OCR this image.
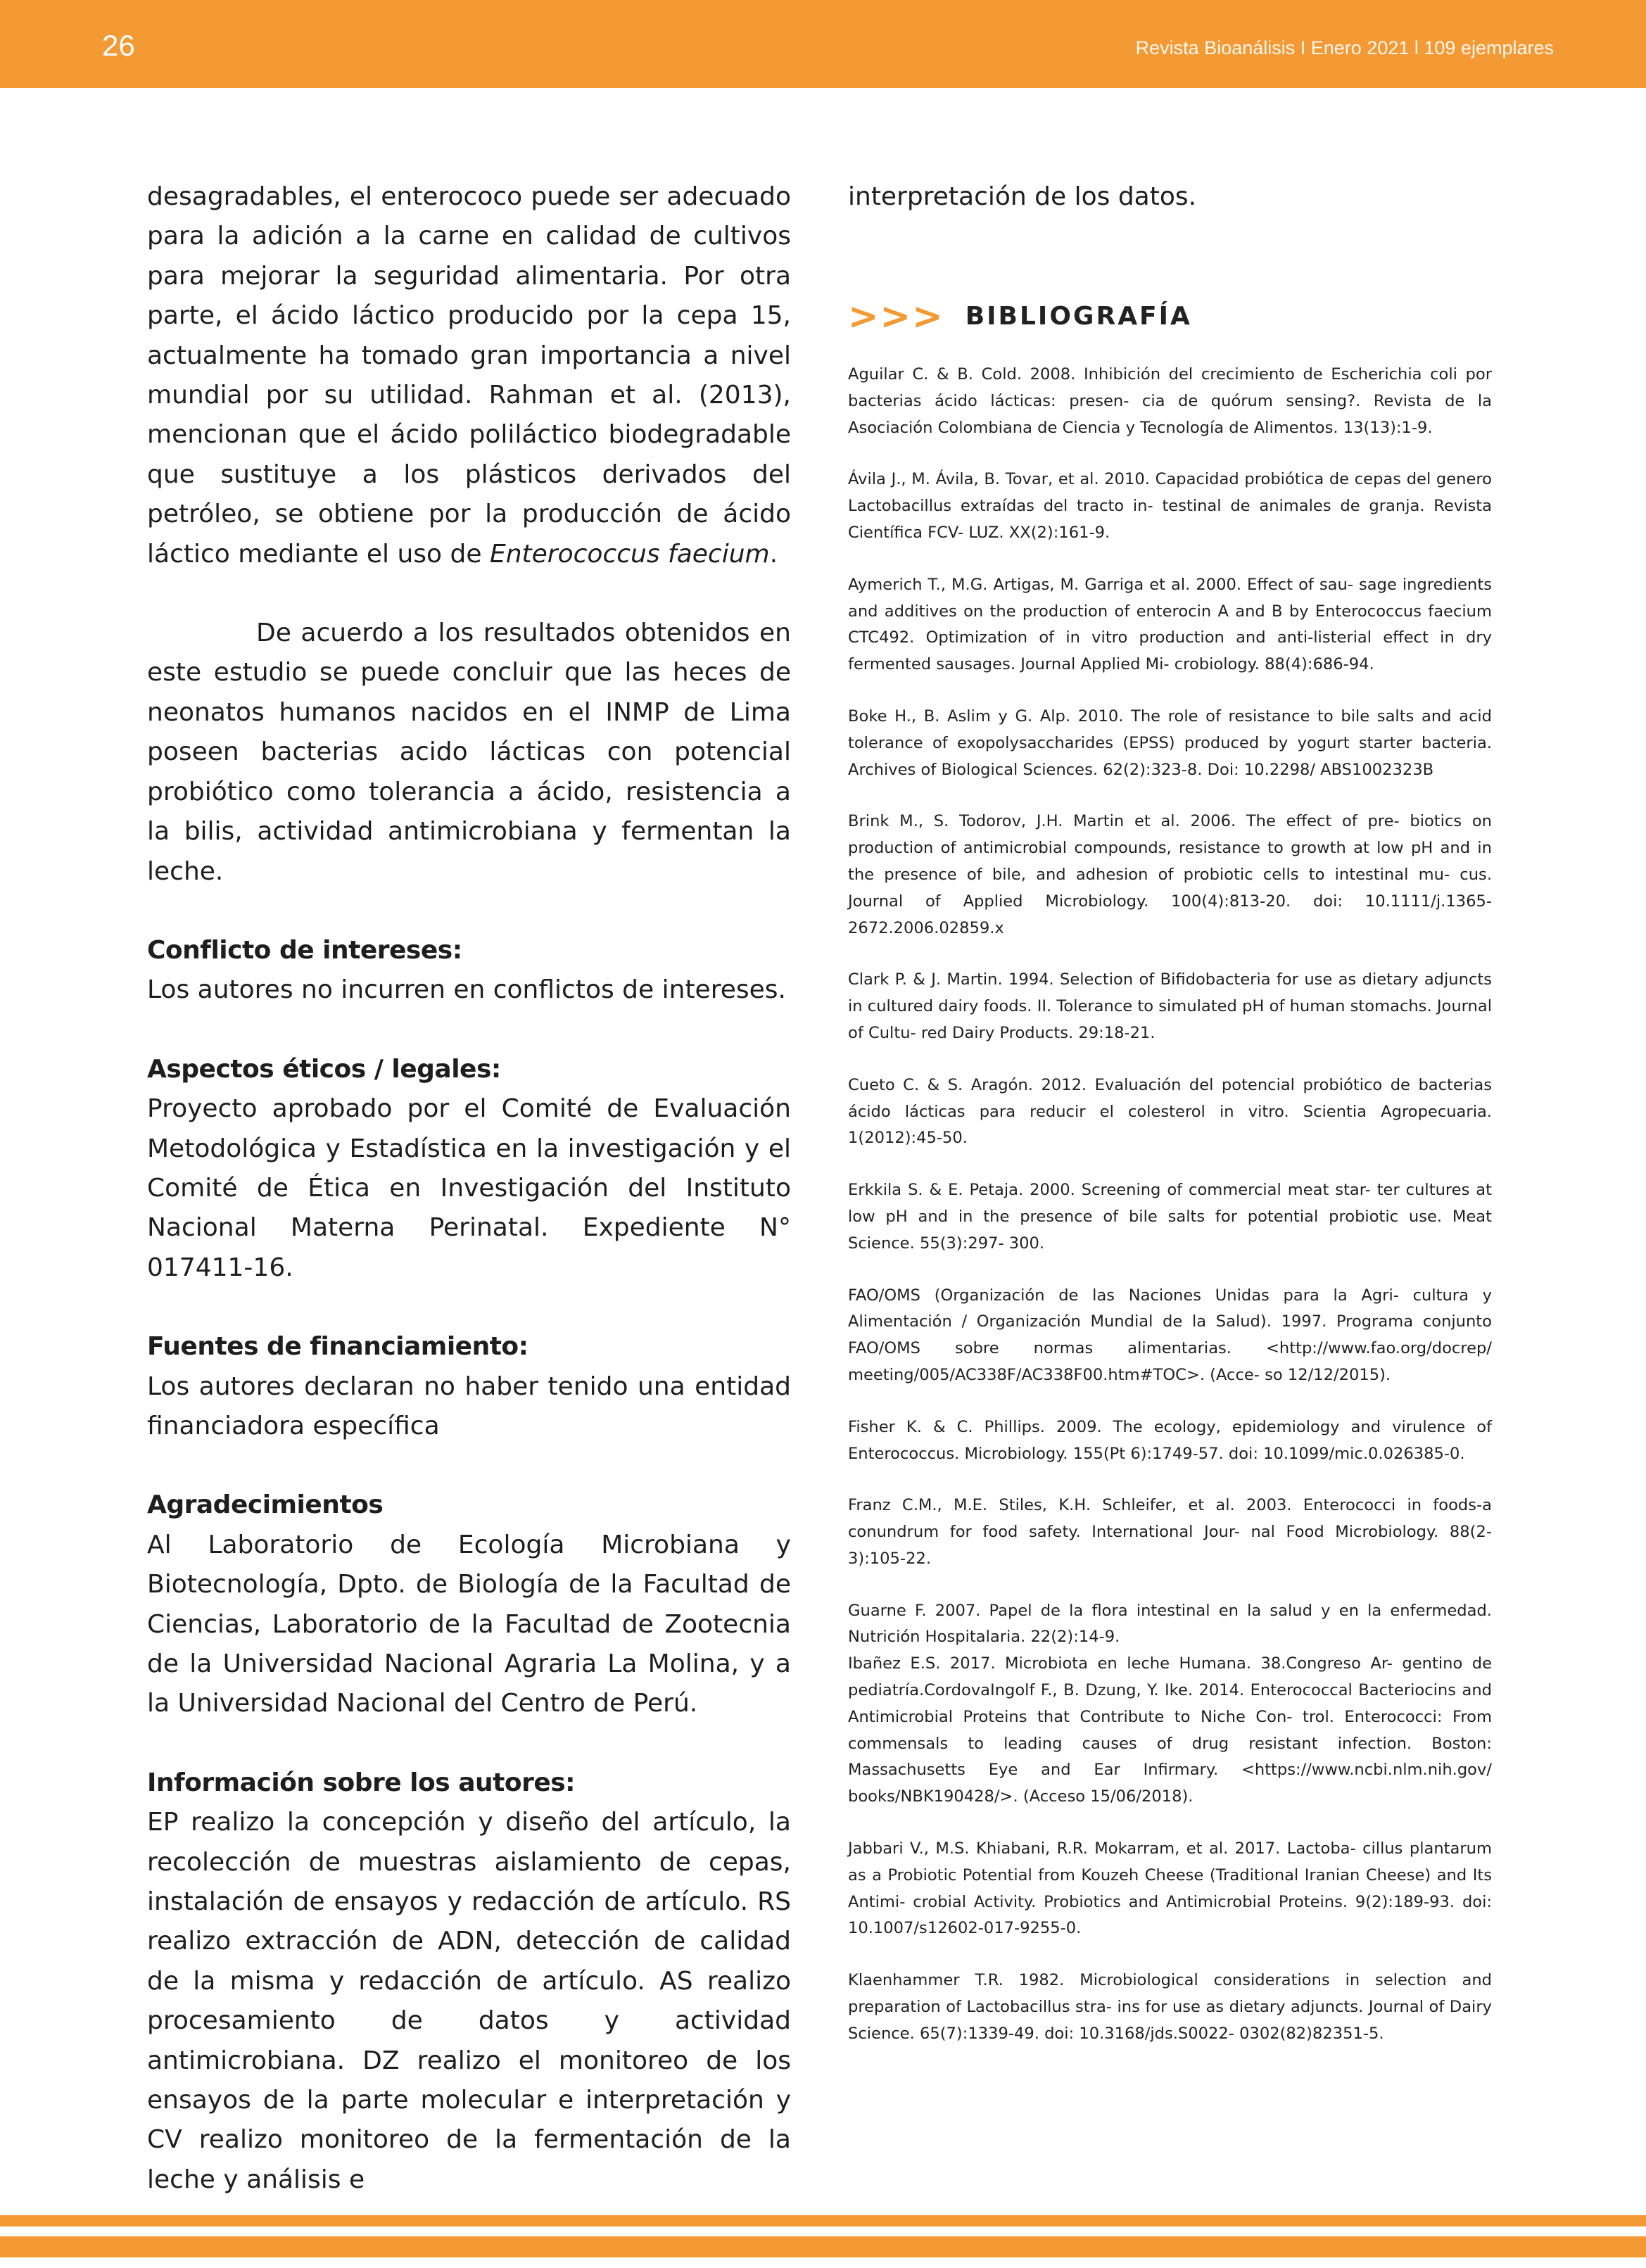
26	Revista Bioanálisis I Enero 2021 l 109 ejemplares

desagradables, el enterococo puede ser adecuado para la adición a la carne en calidad de cultivos para mejorar la seguridad alimentaria. Por otra parte, el ácido láctico producido por la cepa 15, actualmente ha tomado gran importancia a nivel mundial por su utilidad. Rahman et al. (2013), mencionan que el ácido poliláctico biodegradable que sustituye a los plásticos derivados del petróleo, se obtiene por la producción de ácido láctico mediante el uso de Enterococcus faecium.

De acuerdo a los resultados obtenidos en este estudio se puede concluir que las heces de neonatos humanos nacidos en el INMP de Lima poseen bacterias acido lácticas con potencial probiótico como tolerancia a ácido, resistencia a la bilis, actividad antimicrobiana y fermentan la leche.

Conflicto de intereses:

Los autores no incurren en conflictos de intereses.

Aspectos éticos / legales:

Proyecto aprobado por el Comité de Evaluación Metodológica y Estadística en la investigación y el Comité de Ética en Investigación del Instituto Nacional Materna Perinatal. Expediente N° 017411-16.

Fuentes de financiamiento:

Los autores declaran no haber tenido una entidad financiadora específica

Agradecimientos

Al Laboratorio de Ecología Microbiana y Biotecnología, Dpto. de Biología de la Facultad de Ciencias, Laboratorio de la Facultad de Zootecnia de la Universidad Nacional Agraria La Molina, y a la Universidad Nacional del Centro de Perú.

Información sobre los autores:

EP realizo la concepción y diseño del artículo, la recolección de muestras aislamiento de cepas, instalación de ensayos y redacción de artículo. RS realizo extracción de ADN, detección de calidad de la misma y redacción de artículo. AS realizo procesamiento de datos y actividad antimicrobiana. DZ realizo el monitoreo de los ensayos de la parte molecular e interpretación y CV realizo monitoreo de la fermentación de la leche y análisis e

interpretación de los datos.

>>> BIBLIOGRAFÍA

Aguilar C. & B. Cold. 2008. Inhibición del crecimiento de Escherichia coli por bacterias ácido lácticas: presen- cia de quórum sensing?. Revista de la Asociación Colombiana de Ciencia y Tecnología de Alimentos. 13(13):1-9.

Ávila J., M. Ávila, B. Tovar, et al. 2010. Capacidad probiótica de cepas del genero Lactobacillus extraídas del tracto in- testinal de animales de granja. Revista Científica FCV- LUZ. XX(2):161-9.

Aymerich T., M.G. Artigas, M. Garriga et al. 2000. Effect of sau- sage ingredients and additives on the production of enterocin A and B by Enterococcus faecium CTC492. Optimization of in vitro production and anti-listerial effect in dry fermented sausages. Journal Applied Mi- crobiology. 88(4):686-94.

Boke H., B. Aslim y G. Alp. 2010. The role of resistance to bile salts and acid tolerance of exopolysaccharides (EPSS) produced by yogurt starter bacteria. Archives of Biological Sciences. 62(2):323-8. Doi: 10.2298/ ABS1002323B

Brink M., S. Todorov, J.H. Martin et al. 2006. The effect of pre- biotics on production of antimicrobial compounds, resistance to growth at low pH and in the presence of bile, and adhesion of probiotic cells to intestinal mu- cus. Journal of Applied Microbiology. 100(4):813-20. doi: 10.1111/j.1365-2672.2006.02859.x

Clark P. & J. Martin. 1994. Selection of Bifidobacteria for use as dietary adjuncts in cultured dairy foods. II. Tolerance to simulated pH of human stomachs. Journal of Cultu- red Dairy Products. 29:18-21.

Cueto C. & S. Aragón. 2012. Evaluación del potencial probiótico de bacterias ácido lácticas para reducir el colesterol in vitro. Scientia Agropecuaria. 1(2012):45-50.

Erkkila S. & E. Petaja. 2000. Screening of commercial meat star- ter cultures at low pH and in the presence of bile salts for potential probiotic use. Meat Science. 55(3):297- 300.

FAO/OMS (Organización de las Naciones Unidas para la Agri- cultura y Alimentación / Organización Mundial de la Salud). 1997. Programa conjunto FAO/OMS sobre normas alimentarias. <http://www.fao.org/docrep/ meeting/005/AC338F/AC338F00.htm#TOC>. (Acce- so 12/12/2015).

Fisher K. & C. Phillips. 2009. The ecology, epidemiology and virulence of Enterococcus. Microbiology. 155(Pt 6):1749-57. doi: 10.1099/mic.0.026385-0.

Franz C.M., M.E. Stiles, K.H. Schleifer, et al. 2003. Enterococci in foods-a conundrum for food safety. International Jour- nal Food Microbiology. 88(2-3):105-22.

Guarne F. 2007. Papel de la flora intestinal en la salud y en la enfermedad. Nutrición Hospitalaria. 22(2):14-9.

Ibañez E.S. 2017. Microbiota en leche Humana. 38.Congreso Ar- gentino de pediatría.CordovaIngolf F., B. Dzung, Y. Ike. 2014. Enterococcal Bacteriocins and Antimicrobial Proteins that Contribute to Niche Con- trol. Enterococci: From commensals to leading causes of drug resistant infection. Boston: Massachusetts Eye and Ear Infirmary. <https://www.ncbi.nlm.nih.gov/ books/NBK190428/>. (Acceso 15/06/2018).

Jabbari V., M.S. Khiabani, R.R. Mokarram, et al. 2017. Lactoba- cillus plantarum as a Probiotic Potential from Kouzeh Cheese (Traditional Iranian Cheese) and Its Antimi- crobial Activity. Probiotics and Antimicrobial Proteins. 9(2):189-93. doi: 10.1007/s12602-017-9255-0.

Klaenhammer T.R. 1982. Microbiological considerations in selection and preparation of Lactobacillus stra- ins for use as dietary adjuncts. Journal of Dairy Science. 65(7):1339-49. doi: 10.3168/jds.S0022- 0302(82)82351-5.
